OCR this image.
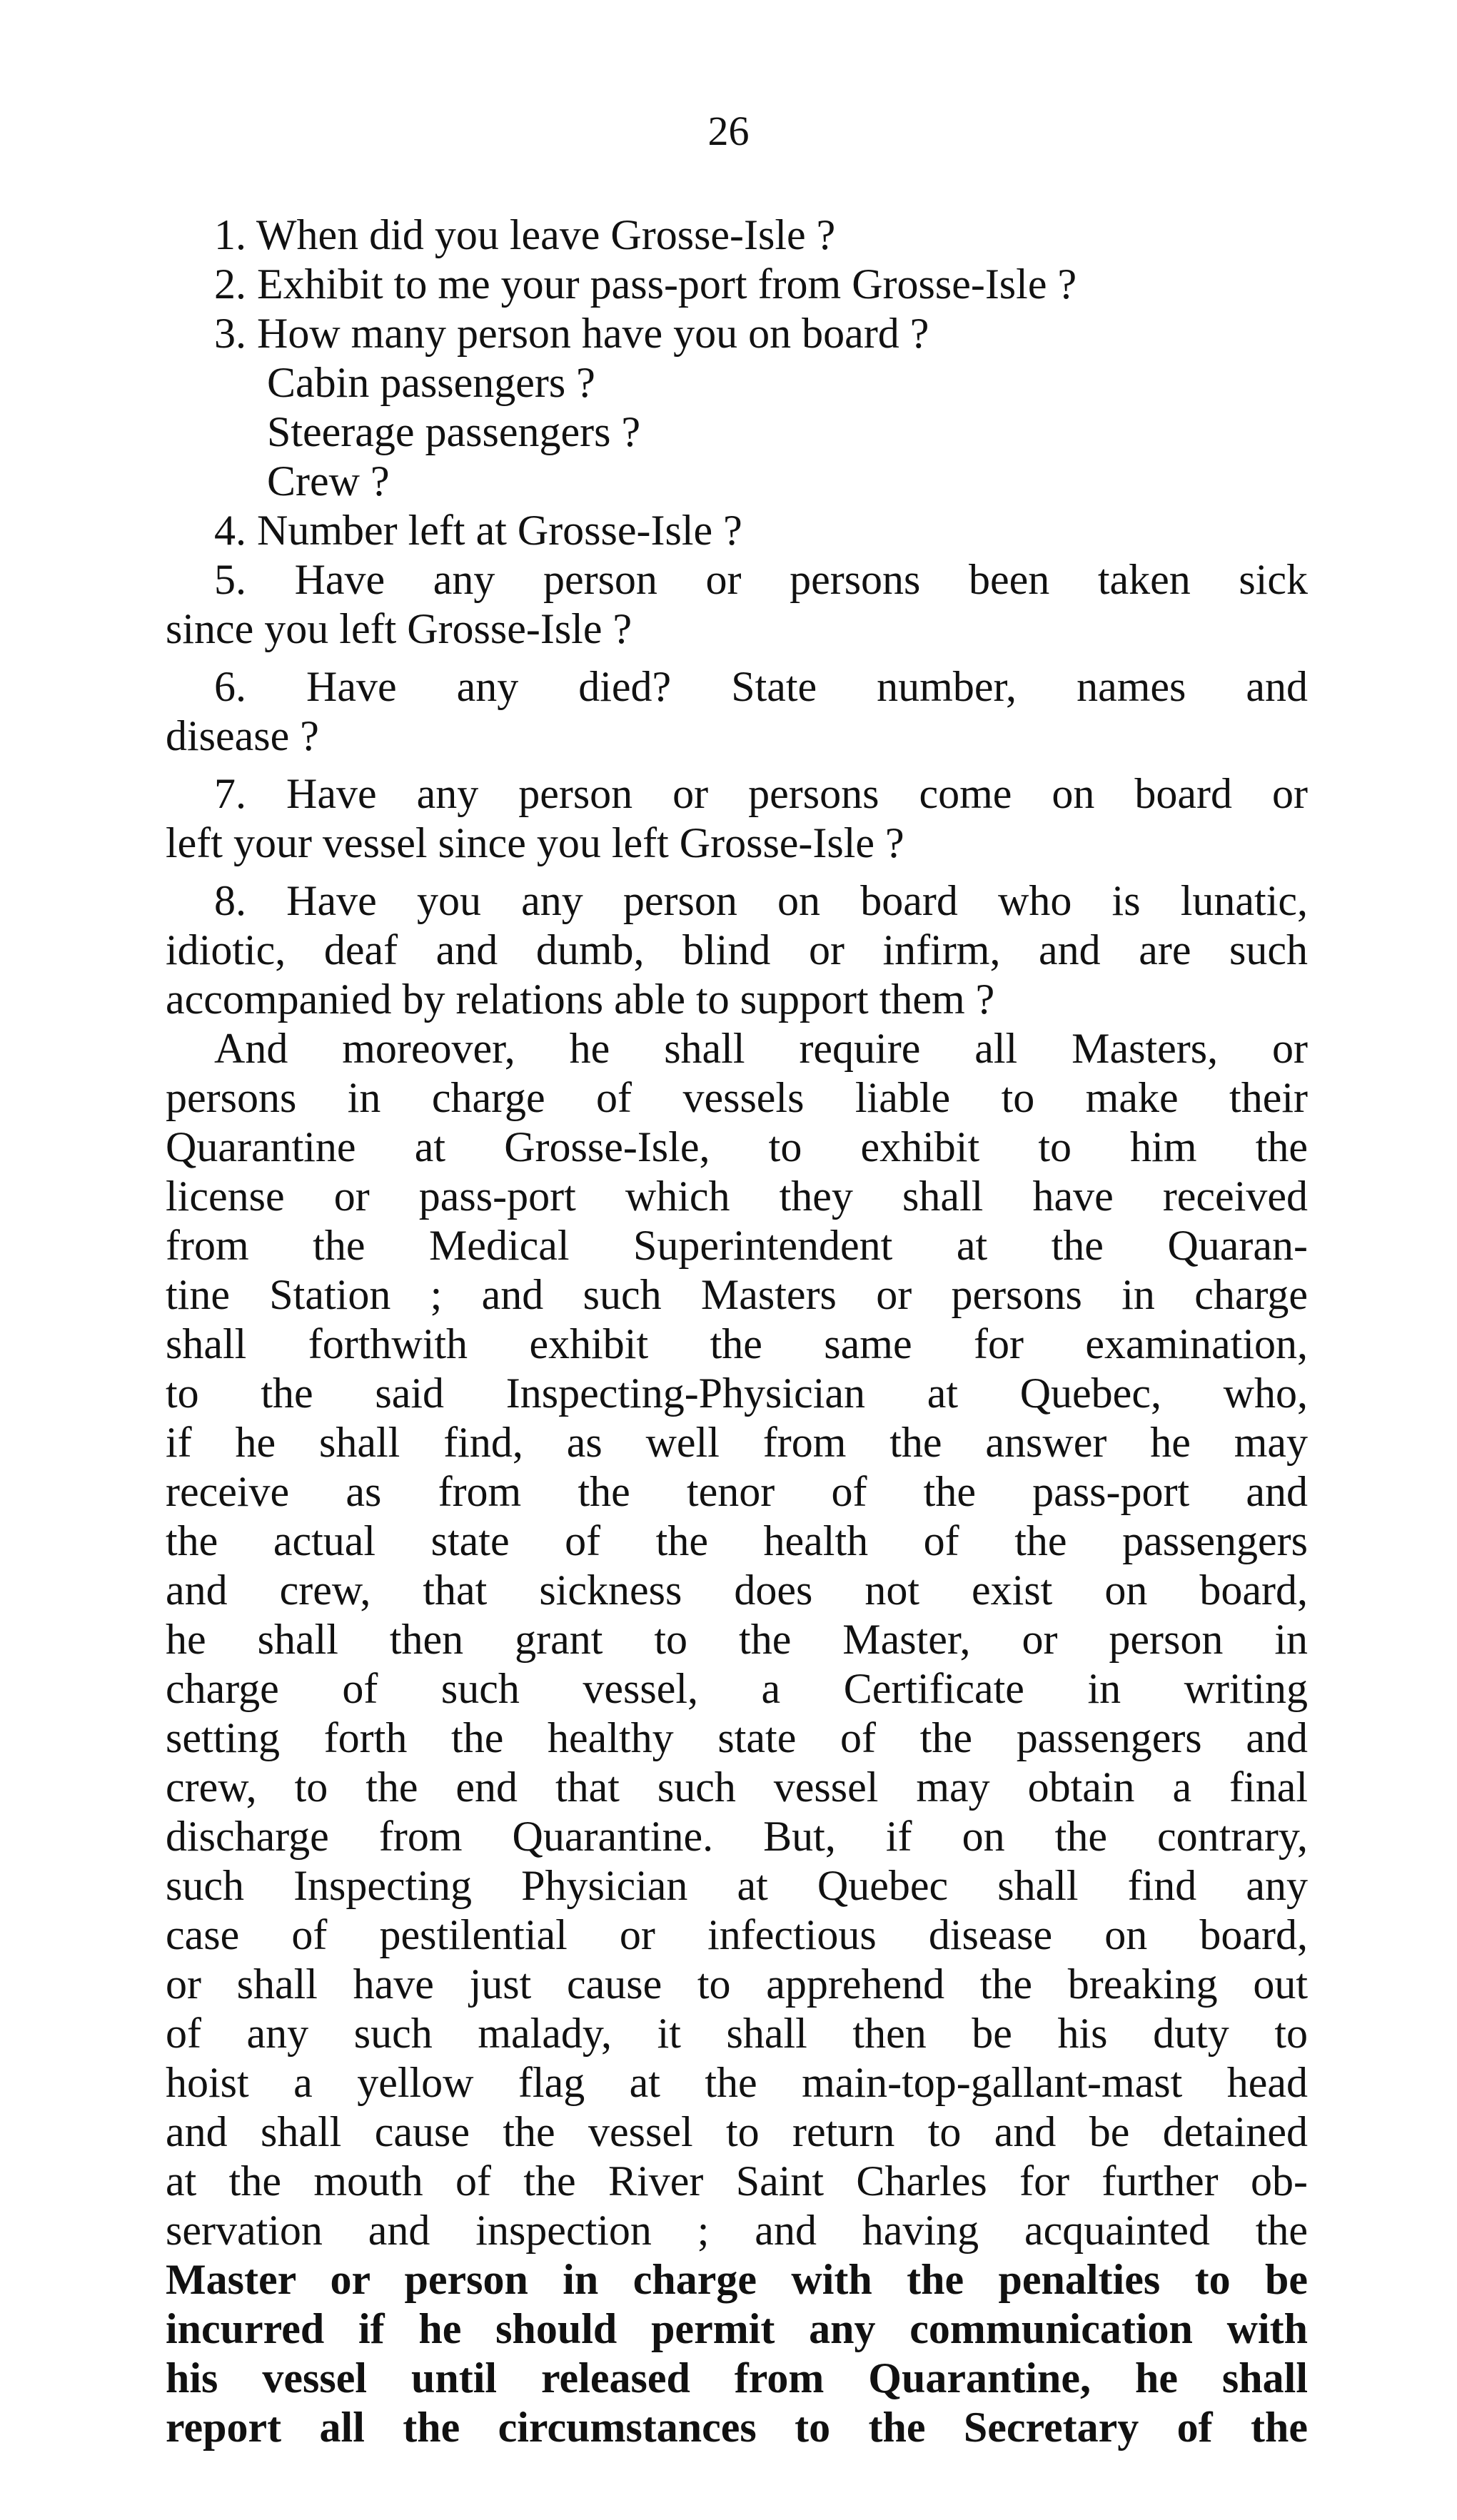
26
1. When did you leave Grosse-Isle ?
2. Exhibit to me your pass-port from Grosse-Isle ?
3. How many person have you on board ?
Cabin passengers ?
Steerage passengers ?
Crew ?
4. Number left at Grosse-Isle ?
5. Have any person or persons been taken sick
since you left Grosse-Isle ?
6. Have any died? State number, names and
disease ?
7. Have any person or persons come on board or
left your vessel since you left Grosse-Isle ?
8. Have you any person on board who is lunatic,
idiotic, deaf and dumb, blind or infirm, and are such
accompanied by relations able to support them ?
And moreover, he shall require all Masters, or
persons in charge of vessels liable to make their
Quarantine at Grosse-Isle, to exhibit to him the
license or pass-port which they shall have received
from the Medical Superintendent at the Quaran-
tine Station ; and such Masters or persons in charge
shall forthwith exhibit the same for examination,
to the said Inspecting-Physician at Quebec, who,
if he shall find, as well from the answer he may
receive as from the tenor of the pass-port and
the actual state of the health of the passengers
and crew, that sickness does not exist on board,
he shall then grant to the Master, or person in
charge of such vessel, a Certificate in writing
setting forth the healthy state of the passengers and
crew, to the end that such vessel may obtain a final
discharge from Quarantine. But, if on the contrary,
such Inspecting Physician at Quebec shall find any
case of pestilential or infectious disease on board,
or shall have just cause to apprehend the breaking out
of any such malady, it shall then be his duty to
hoist a yellow flag at the main-top-gallant-mast head
and shall cause the vessel to return to and be detained
at the mouth of the River Saint Charles for further ob-
servation and inspection ; and having acquainted the
Master or person in charge with the penalties to be
incurred if he should permit any communication with
his vessel until released from Quarantine, he shall
report all the circumstances to the Secretary of the
